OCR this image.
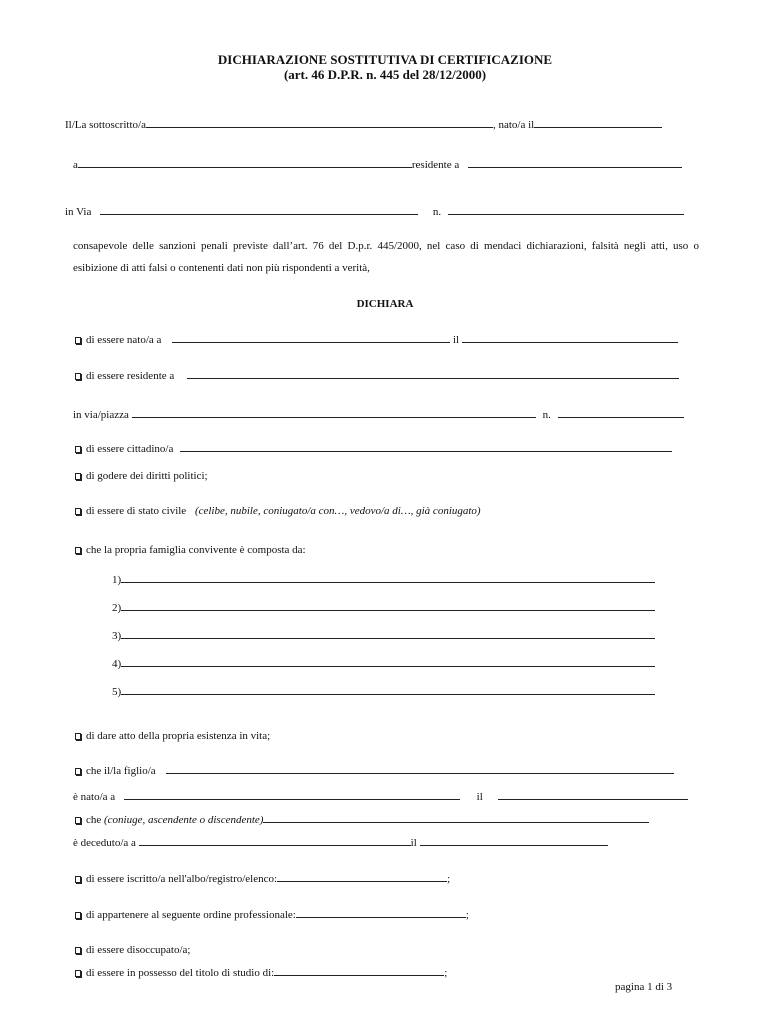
DICHIARAZIONE SOSTITUTIVA DI CERTIFICAZIONE
(art. 46 D.P.R. n. 445 del 28/12/2000)
Il/La sottoscritto/a	, nato/a il
a	residente a
in Via	n.
consapevole delle sanzioni penali previste dall’art. 76 del D.p.r. 445/2000, nel caso di mendaci dichiarazioni, falsità negli atti, uso o esibizione di atti falsi o contenenti dati non più rispondenti a verità,
DICHIARA
di essere nato/a a	il
di essere residente a
in via/piazza	n.
di essere cittadino/a
di godere dei diritti politici;
di essere di stato civile (celibe, nubile, coniugato/a con…, vedovo/a di…, già coniugato)
che la propria famiglia convivente è composta da:
1)
2)
3)
4)
5)
di dare atto della propria esistenza in vita;
che il/la figlio/a
è nato/a a	il
che (coniuge, ascendente o discendente)
è deceduto/a a	il
di essere iscritto/a nell'albo/registro/elenco:	;
di appartenere al seguente ordine professionale:	;
di essere disoccupato/a;
di essere in possesso del titolo di studio di:	;
pagina 1 di 3
